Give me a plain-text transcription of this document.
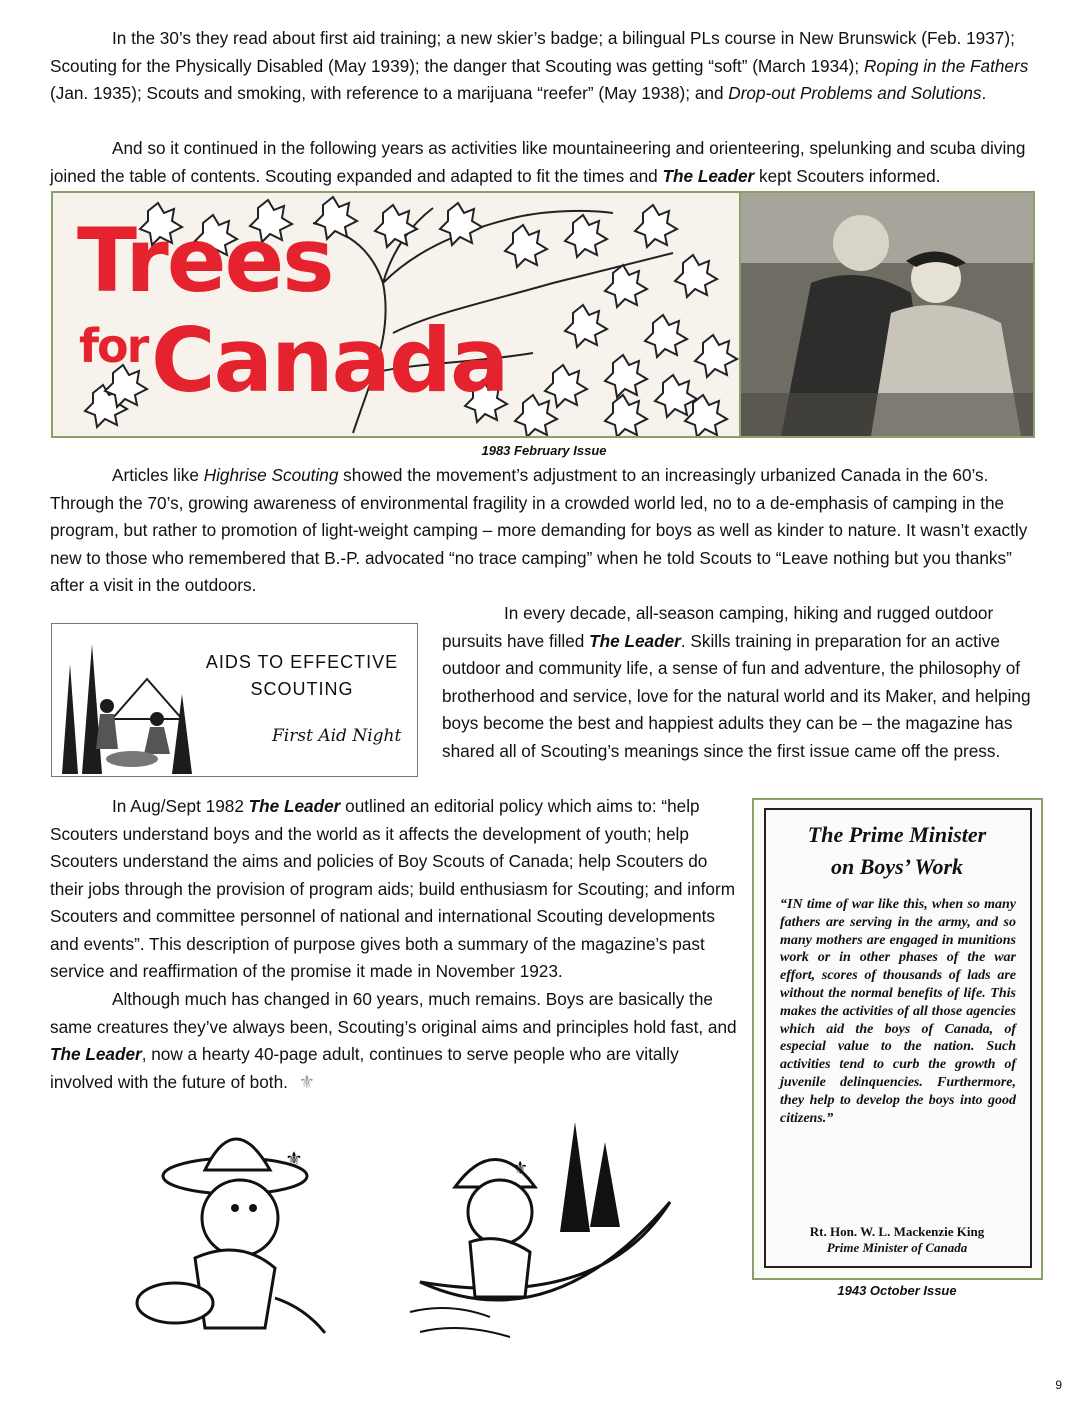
In the 30’s they read about first aid training; a new skier’s badge; a bilingual PLs course in New Brunswick (Feb. 1937); Scouting for the Physically Disabled (May 1939); the danger that Scouting was getting “soft” (March 1934); Roping in the Fathers (Jan. 1935); Scouts and smoking, with reference to a marijuana “reefer” (May 1938); and Drop-out Problems and Solutions.

And so it continued in the following years as activities like mountaineering and orienteering, spelunking and scuba diving joined the table of contents. Scouting expanded and adapted to fit the times and The Leader kept Scouters informed.

Trees
for Canada
1983 February Issue

Articles like Highrise Scouting showed the movement’s adjustment to an increasingly urbanized Canada in the 60’s. Through the 70’s, growing awareness of environmental fragility in a crowded world led, no to a de-emphasis of camping in the program, but rather to promotion of light-weight camping – more demanding for boys as well as kinder to nature. It wasn’t exactly new to those who remembered that B.-P. advocated “no trace camping” when he told Scouts to “Leave nothing but you thanks” after a visit in the outdoors.

AIDS TO EFFECTIVE
SCOUTING
First Aid Night

In every decade, all-season camping, hiking and rugged outdoor pursuits have filled The Leader. Skills training in preparation for an active outdoor and community life, a sense of fun and adventure, the philosophy of brotherhood and service, love for the natural world and its Maker, and helping boys become the best and happiest adults they can be – the magazine has shared all of Scouting’s meanings since the first issue came off the press.

In Aug/Sept 1982 The Leader outlined an editorial policy which aims to: “help Scouters understand boys and the world as it affects the development of youth; help Scouters understand the aims and policies of Boy Scouts of Canada; help Scouters do their jobs through the provision of program aids; build enthusiasm for Scouting; and inform Scouters and committee personnel of national and international Scouting developments and events”. This description of purpose gives both a summary of the magazine’s past service and reaffirmation of the promise it made in November 1923.

Although much has changed in 60 years, much remains. Boys are basically the same creatures they’ve always been, Scouting’s original aims and principles hold fast, and The Leader, now a hearty 40-page adult, continues to serve people who are vitally involved with the future of both. ⚜

The Prime Minister
on Boys’ Work
“IN time of war like this, when so many fathers are serving in the army, and so many mothers are engaged in munitions work or in other phases of the war effort, scores of thousands of lads are without the normal benefits of life. This makes the activities of all those agencies which aid the boys of Canada, of especial value to the nation. Such activities tend to curb the growth of juvenile delinquencies. Furthermore, they help to develop the boys into good citizens.”
Rt. Hon. W. L. Mackenzie King
Prime Minister of Canada
1943 October Issue
⚜	⚜
9
